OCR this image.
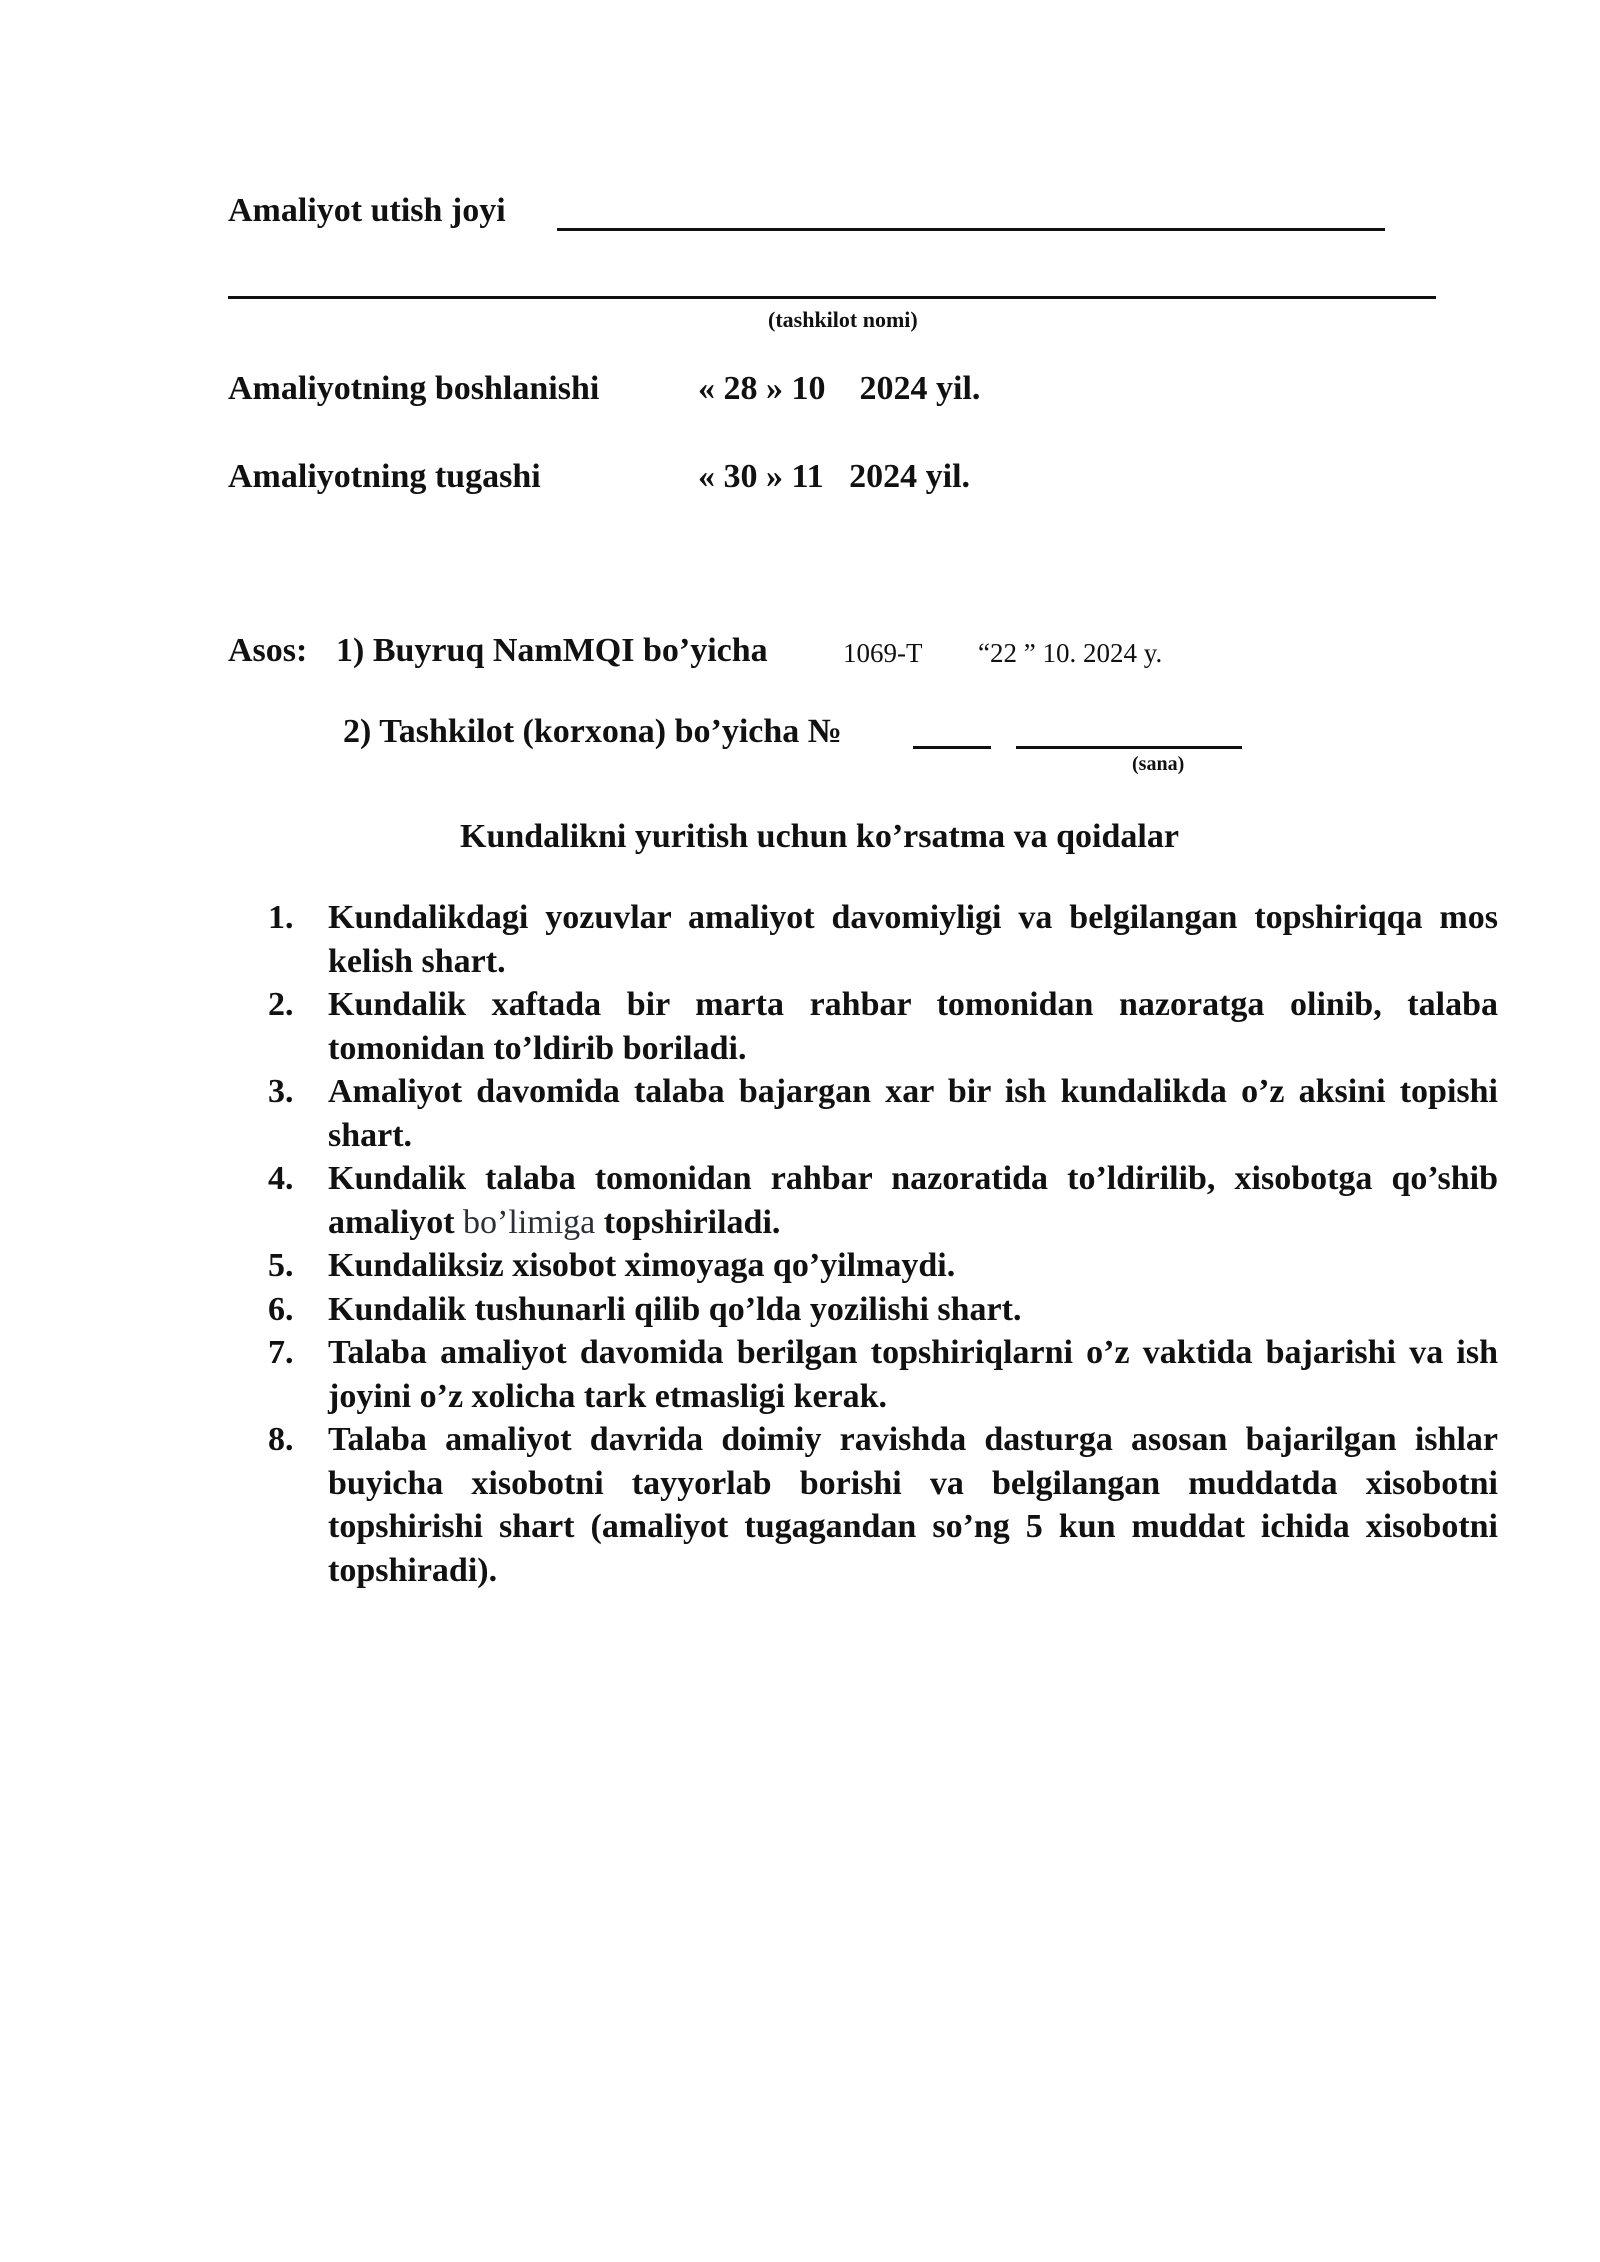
Amaliyot utish joyi
(tashkilot nomi)
Amaliyotning boshlanishi	« 28 » 10    2024 yil.
Amaliyotning tugashi	« 30 » 11   2024 yil.
Asos: 1) Buyruq NamMQI bo’yicha	1069-T “22 ” 10. 2024 y.
2) Tashkilot (korxona) bo’yicha №
(sana)
Kundalikni yuritish uchun ko’rsatma va qoidalar
1.	Kundalikdagi yozuvlar amaliyot davomiyligi va belgilangan topshiriqqa mos kelish shart.
2.	Kundalik xaftada bir marta rahbar tomonidan nazoratga olinib, talaba tomonidan to’ldirib boriladi.
3.	Amaliyot davomida talaba bajargan xar bir ish kundalikda o’z aksini topishi shart.
4.	Kundalik talaba tomonidan rahbar nazoratida to’ldirilib, xisobotga qo’shib amaliyot bo’limiga topshiriladi.
5.	Kundaliksiz xisobot ximoyaga qo’yilmaydi.
6.	Kundalik tushunarli qilib qo’lda yozilishi shart.
7.	Talaba amaliyot davomida berilgan topshiriqlarni o’z vaktida bajarishi va ish joyini o’z xolicha tark etmasligi kerak.
8.	Talaba amaliyot davrida doimiy ravishda dasturga asosan bajarilgan ishlar buyicha xisobotni tayyorlab borishi va belgilangan muddatda xisobotni topshirishi shart (amaliyot tugagandan so’ng 5 kun muddat ichida xisobotni topshiradi).
